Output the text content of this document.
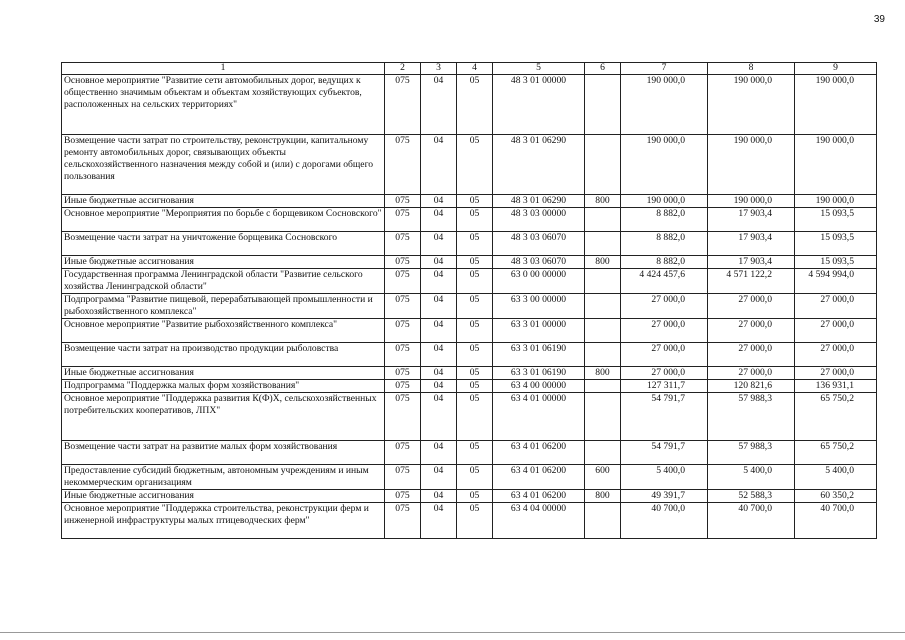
39
1	2	3	4	5	6	7	8	9
Основное мероприятие "Развитие сети автомобильных дорог, ведущих к общественно значимым объектам и объектам хозяйствующих субъектов, расположенных на сельских территориях"	075	04	05	48 3 01 00000		190 000,0	190 000,0	190 000,0
Возмещение части затрат по строительству, реконструкции, капитальному ремонту автомобильных дорог, связывающих объекты сельскохозяйственного назначения между собой и (или) с дорогами общего пользования	075	04	05	48 3 01 06290		190 000,0	190 000,0	190 000,0
Иные бюджетные ассигнования	075	04	05	48 3 01 06290	800	190 000,0	190 000,0	190 000,0
Основное мероприятие "Мероприятия по борьбе с борщевиком Сосновского"	075	04	05	48 3 03 00000		8 882,0	17 903,4	15 093,5
Возмещение части затрат на уничтожение борщевика Сосновского	075	04	05	48 3 03 06070		8 882,0	17 903,4	15 093,5
Иные бюджетные ассигнования	075	04	05	48 3 03 06070	800	8 882,0	17 903,4	15 093,5
Государственная программа Ленинградской области "Развитие сельского хозяйства Ленинградской области"	075	04	05	63 0 00 00000		4 424 457,6	4 571 122,2	4 594 994,0
Подпрограмма "Развитие пищевой, перерабатывающей промышленности и рыбохозяйственного комплекса"	075	04	05	63 3 00 00000		27 000,0	27 000,0	27 000,0
Основное мероприятие "Развитие рыбохозяйственного комплекса"	075	04	05	63 3 01 00000		27 000,0	27 000,0	27 000,0
Возмещение части затрат на производство продукции рыболовства	075	04	05	63 3 01 06190		27 000,0	27 000,0	27 000,0
Иные бюджетные ассигнования	075	04	05	63 3 01 06190	800	27 000,0	27 000,0	27 000,0
Подпрограмма "Поддержка малых форм хозяйствования"	075	04	05	63 4 00 00000		127 311,7	120 821,6	136 931,1
Основное мероприятие "Поддержка развития К(Ф)Х, сельскохозяйственных потребительских кооперативов, ЛПХ"	075	04	05	63 4 01 00000		54 791,7	57 988,3	65 750,2
Возмещение части затрат на развитие малых форм хозяйствования	075	04	05	63 4 01 06200		54 791,7	57 988,3	65 750,2
Предоставление субсидий бюджетным, автономным учреждениям и иным некоммерческим организациям	075	04	05	63 4 01 06200	600	5 400,0	5 400,0	5 400,0
Иные бюджетные ассигнования	075	04	05	63 4 01 06200	800	49 391,7	52 588,3	60 350,2
Основное мероприятие "Поддержка строительства, реконструкции ферм и инженерной инфраструктуры малых птицеводческих ферм"	075	04	05	63 4 04 00000		40 700,0	40 700,0	40 700,0
